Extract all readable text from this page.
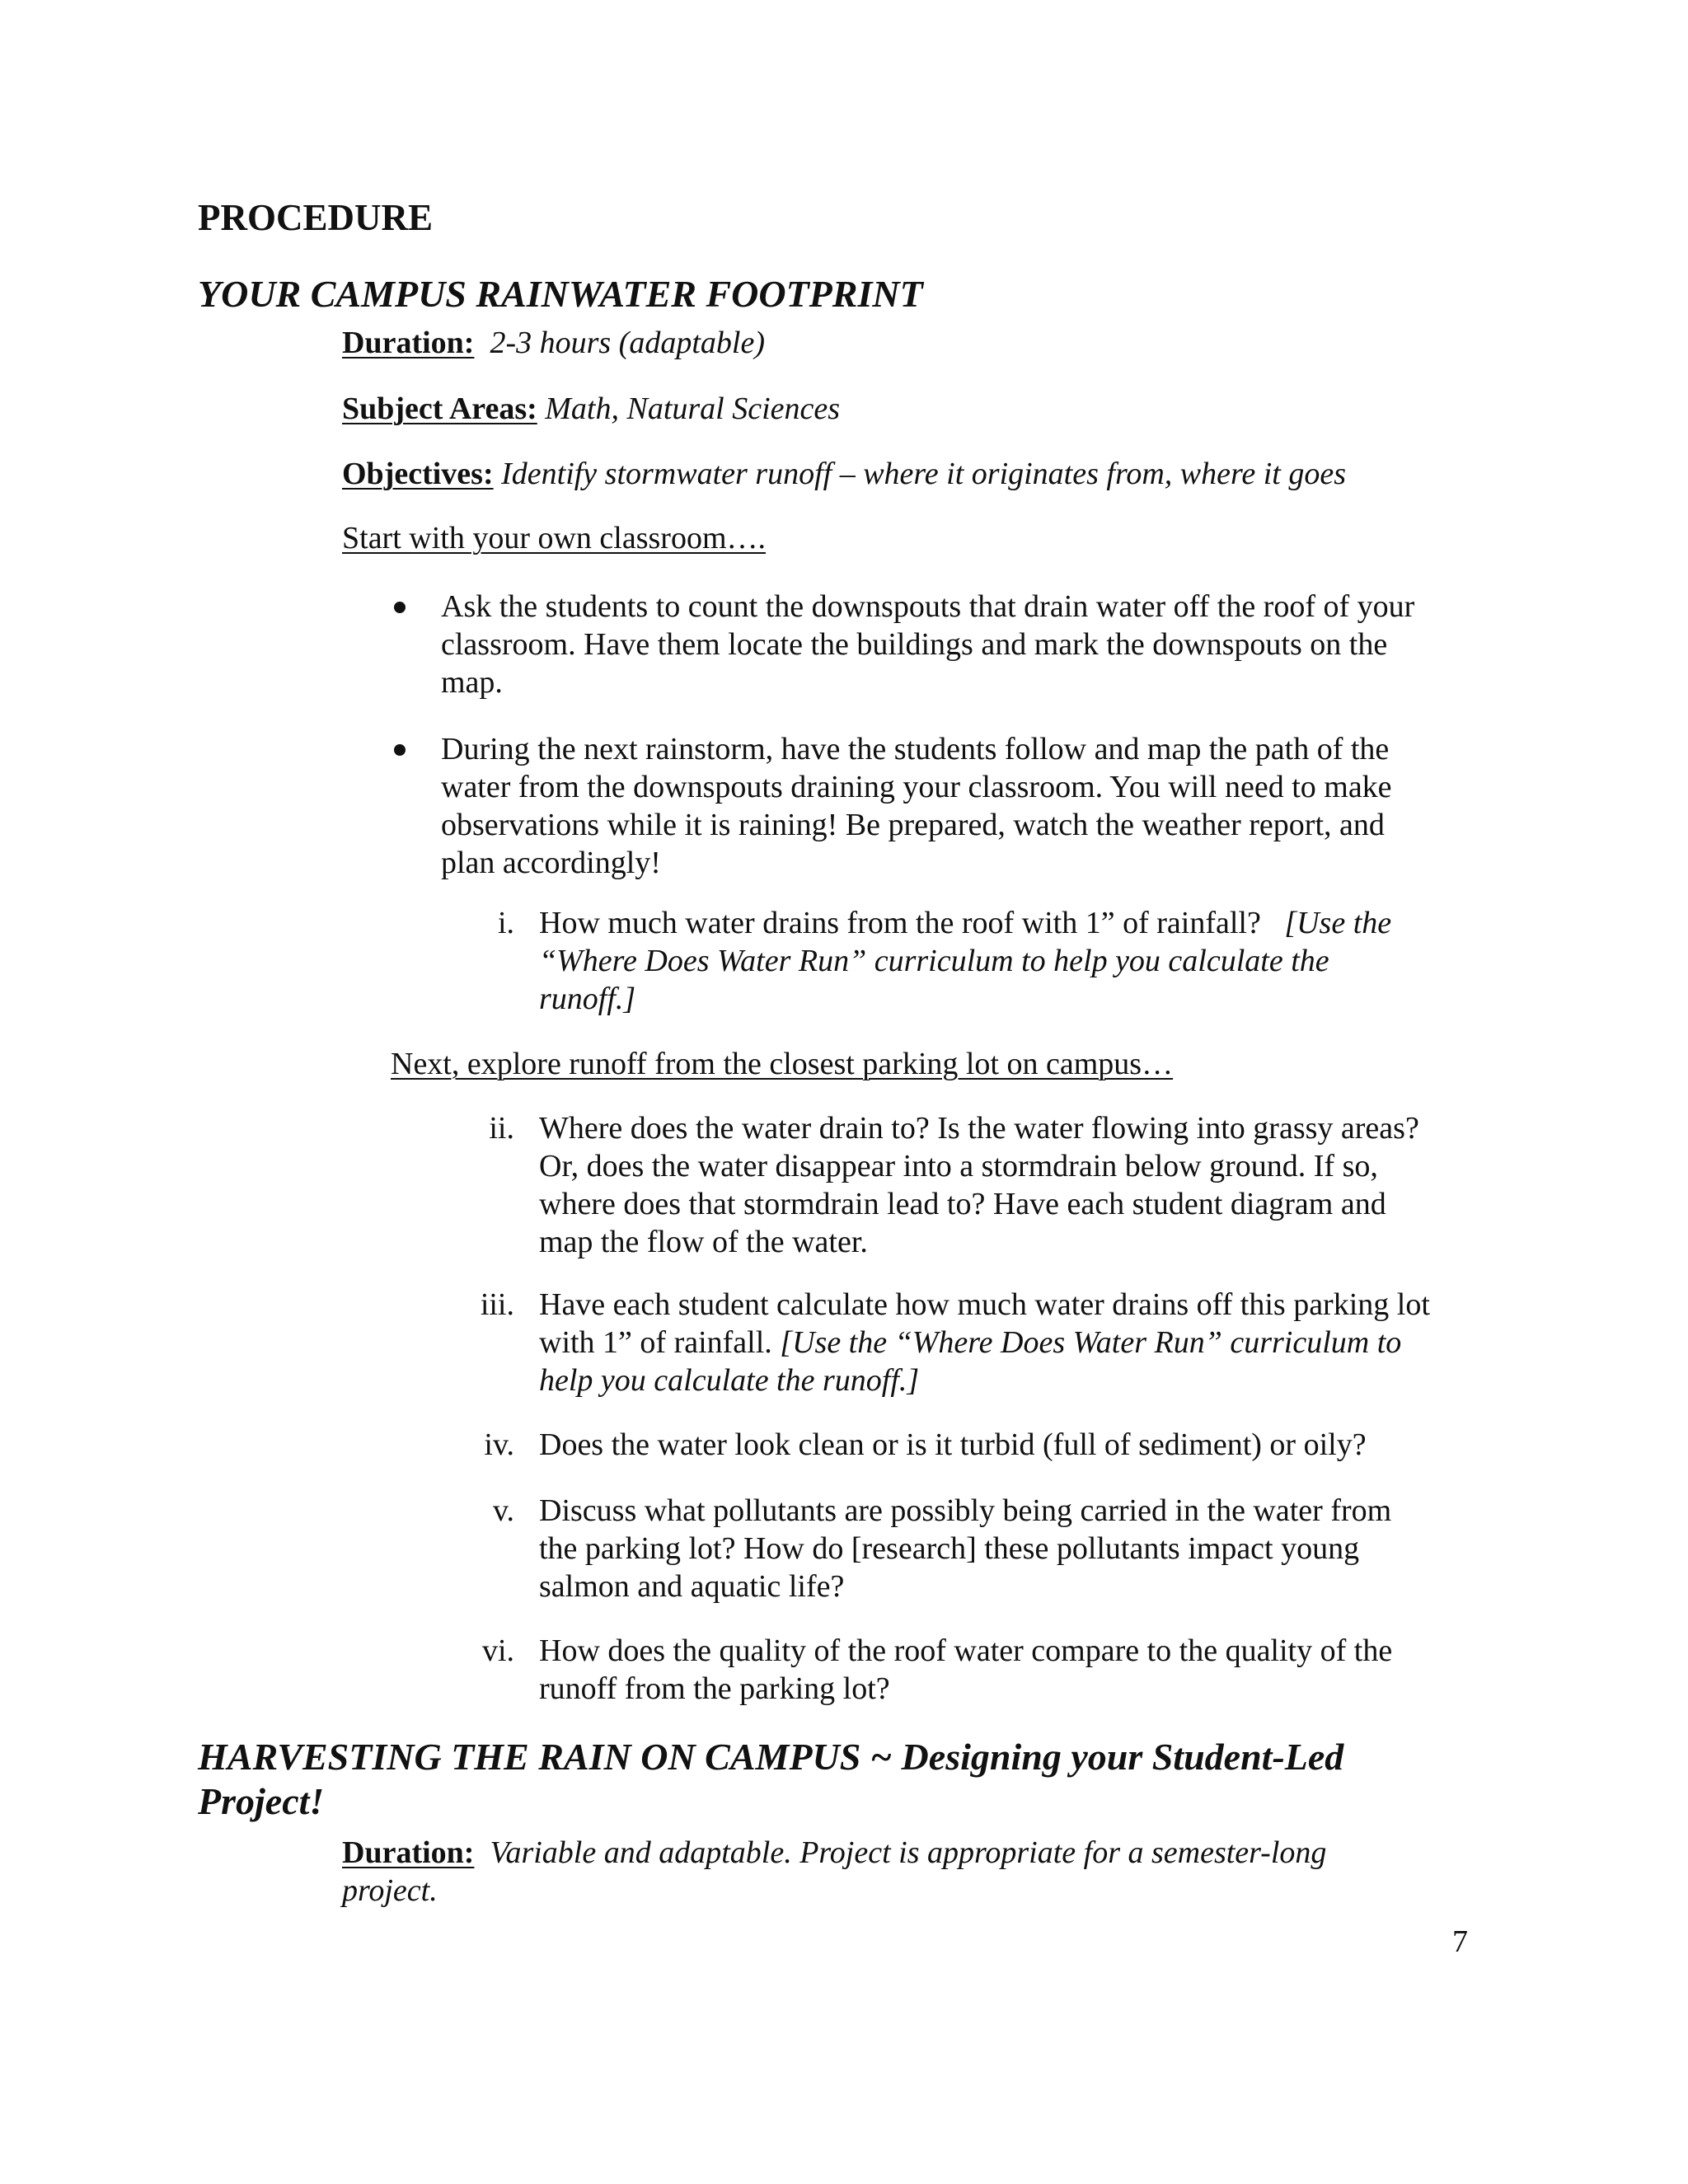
PROCEDURE
YOUR CAMPUS RAINWATER FOOTPRINT
Duration: 2-3 hours (adaptable)
Subject Areas: Math, Natural Sciences
Objectives: Identify stormwater runoff – where it originates from, where it goes
Start with your own classroom….
Ask the students to count the downspouts that drain water off the roof of your
classroom. Have them locate the buildings and mark the downspouts on the
map.
During the next rainstorm, have the students follow and map the path of the
water from the downspouts draining your classroom. You will need to make
observations while it is raining! Be prepared, watch the weather report, and
plan accordingly!
i. How much water drains from the roof with 1” of rainfall? [Use the
“Where Does Water Run” curriculum to help you calculate the
runoff.]
Next, explore runoff from the closest parking lot on campus…
ii. Where does the water drain to? Is the water flowing into grassy areas?
Or, does the water disappear into a stormdrain below ground. If so,
where does that stormdrain lead to? Have each student diagram and
map the flow of the water.
iii. Have each student calculate how much water drains off this parking lot
with 1” of rainfall. [Use the “Where Does Water Run” curriculum to
help you calculate the runoff.]
iv. Does the water look clean or is it turbid (full of sediment) or oily?
v. Discuss what pollutants are possibly being carried in the water from
the parking lot? How do [research] these pollutants impact young
salmon and aquatic life?
vi. How does the quality of the roof water compare to the quality of the
runoff from the parking lot?
HARVESTING THE RAIN ON CAMPUS ~ Designing your Student-Led
Project!
Duration: Variable and adaptable. Project is appropriate for a semester-long
project.
7
